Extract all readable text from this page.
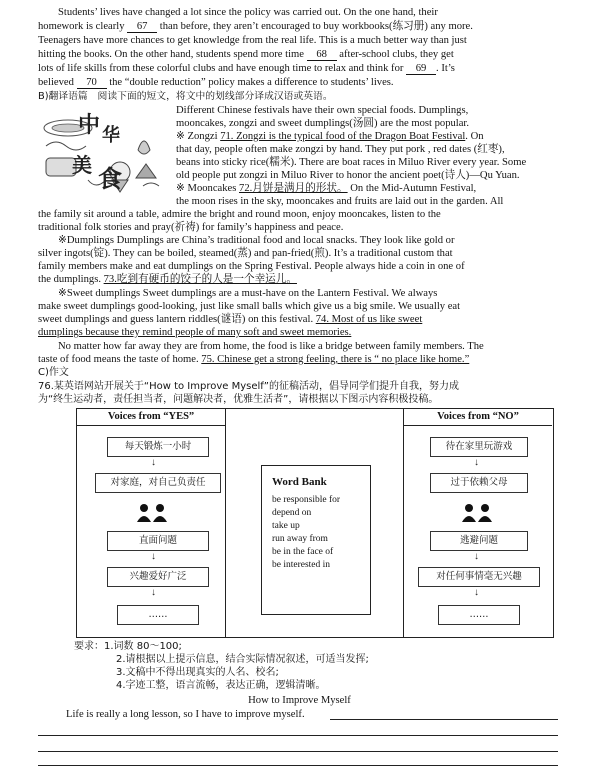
Students’ lives have changed a lot since the policy was carried out. On the one hand, their

homework is clearly 67 than before, they aren’t encouraged to buy workbooks(练习册) any more.

Teenagers have more chances to get knowledge from the real life. This is a much better way than just

hitting the books. On the other hand, students spend more time 68 after-school clubs, they get

lots of life skills from these colorful clubs and have enough time to relax and think for 69 . It’s

believed 70 the “double reduction” policy makes a difference to students’ lives.

B)翻译语篇　阅读下面的短文，将文中的划线部分译成汉语或英语。

中 华
美 食

Different Chinese festivals have their own special foods. Dumplings,

mooncakes, zongzi and sweet dumplings(汤圆) are the most popular.

※ Zongzi 71. Zongzi is the typical food of the Dragon Boat Festival. On

that day, people often make zongzi by hand. They put pork , red dates (红枣),

beans into sticky rice(糯米). There are boat races in Miluo River every year. Some

old people put zongzi in Miluo River to honor the ancient poet(诗人)—Qu Yuan.

※ Mooncakes 72.月饼是满月的形状。 On the Mid-Autumn Festival,

the moon rises in the sky, mooncakes and fruits are laid out in the garden. All

the family sit around a table, admire the bright and round moon, enjoy mooncakes, listen to the

traditional folk stories and pray(祈祷) for family’s happiness and peace.

※Dumplings Dumplings are China’s traditional food and local snacks. They look like gold or

silver ingots(锭). They can be boiled, steamed(蒸) and pan-fried(煎). It’s a traditional custom that

family members make and eat dumplings on the Spring Festival. People always hide a coin in one of

the dumplings. 73.吃到有硬币的饺子的人是一个幸运儿。

※Sweet dumplings Sweet dumplings are a must-have on the Lantern Festival. We always

make sweet dumplings good-looking, just like small balls which give us a big smile. We usually eat

sweet dumplings and guess lantern riddles(谜语) on this festival. 74. Most of us like sweet

dumplings because they remind people of many soft and sweet memories.

No matter how far away they are from home, the food is like a bridge between family members. The

taste of food means the taste of home. 75. Chinese get a strong feeling, there is “ no place like home.”

C)作文

76.某英语网站开展关于“How to Improve Myself”的征稿活动，倡导同学们提升自我，努力成

为“终生运动者，责任担当者，问题解决者，优雅生活者”，请根据以下图示内容积极投稿。

Voices from “YES”
每天锻炼一小时
↓
对家庭，对自己负责任
直面问题
↓
兴趣爱好广泛
↓
……
Word Bank
be responsible for
depend on
take up
run away from
be in the face of
be interested in
Voices from “NO”
待在家里玩游戏
↓
过于依赖父母
逃避问题
↓
对任何事情毫无兴趣
↓
……

要求：1.词数 80～100;

2.请根据以上提示信息，结合实际情况叙述，可适当发挥;

3.文稿中不得出现真实的人名、校名;

4.字迹工整，语言流畅，表达正确，逻辑清晰。

How to Improve Myself

Life is really a long lesson, so I have to improve myself.
